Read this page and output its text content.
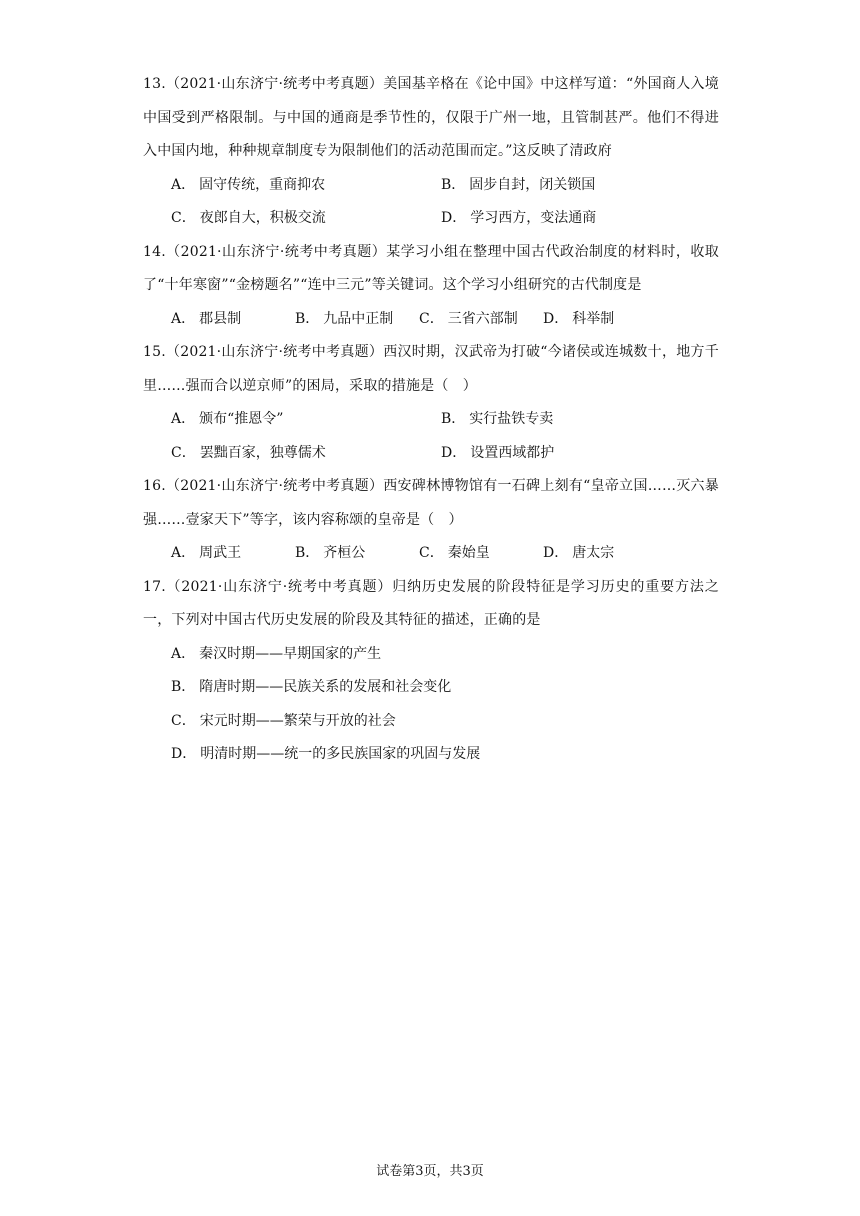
13.（2021·山东济宁·统考中考真题）美国基辛格在《论中国》中这样写道：“外国商人入境中国受到严格限制。与中国的通商是季节性的，仅限于广州一地，且管制甚严。他们不得进入中国内地，种种规章制度专为限制他们的活动范围而定。”这反映了清政府

A． 固守传统，重商抑农	B． 固步自封，闭关锁国
C． 夜郎自大，积极交流	D． 学习西方，变法通商

14.（2021·山东济宁·统考中考真题）某学习小组在整理中国古代政治制度的材料时，收取了“十年寒窗”“金榜题名”“连中三元”等关键词。这个学习小组研究的古代制度是

A． 郡县制	B． 九品中正制	C． 三省六部制	D． 科举制

15.（2021·山东济宁·统考中考真题）西汉时期，汉武帝为打破“今诸侯或连城数十，地方千里……强而合以逆京师”的困局，采取的措施是（　）

A． 颁布“推恩令”	B． 实行盐铁专卖
C． 罢黜百家，独尊儒术	D． 设置西域都护

16.（2021·山东济宁·统考中考真题）西安碑林博物馆有一石碑上刻有“皇帝立国……灭六暴强……壹家天下”等字，该内容称颂的皇帝是（　）

A． 周武王	B． 齐桓公	C． 秦始皇	D． 唐太宗

17.（2021·山东济宁·统考中考真题）归纳历史发展的阶段特征是学习历史的重要方法之一，下列对中国古代历史发展的阶段及其特征的描述，正确的是

A． 秦汉时期——早期国家的产生
B． 隋唐时期——民族关系的发展和社会变化
C． 宋元时期——繁荣与开放的社会
D． 明清时期——统一的多民族国家的巩固与发展
试卷第3页，共3页
